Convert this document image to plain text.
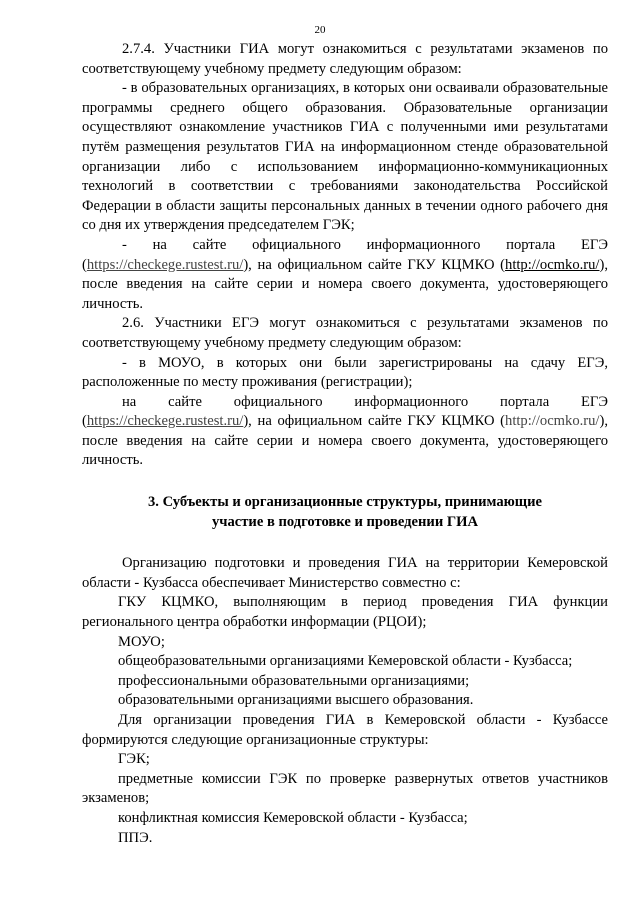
20

2.7.4. Участники ГИА могут ознакомиться с результатами экзаменов по соответствующему учебному предмету следующим образом:

- в образовательных организациях, в которых они осваивали образовательные программы среднего общего образования. Образовательные организации осуществляют ознакомление участников ГИА с полученными ими результатами путём размещения результатов ГИА на информационном стенде образовательной организации либо с использованием информационно-коммуникационных технологий в соответствии с требованиями законодательства Российской Федерации в области защиты персональных данных в течении одного рабочего дня со дня их утверждения председателем ГЭК;

- на сайте официального информационного портала ЕГЭ (https://checkege.rustest.ru/), на официальном сайте ГКУ КЦМКО (http://ocmko.ru/), после введения на сайте серии и номера своего документа, удостоверяющего личность.

2.6. Участники ЕГЭ могут ознакомиться с результатами экзаменов по соответствующему учебному предмету следующим образом:

- в МОУО, в которых они были зарегистрированы на сдачу ЕГЭ, расположенные по месту проживания (регистрации);

на сайте официального информационного портала ЕГЭ (https://checkege.rustest.ru/), на официальном сайте ГКУ КЦМКО (http://ocmko.ru/), после введения на сайте серии и номера своего документа, удостоверяющего личность.

3. Субъекты и организационные структуры, принимающие
участие в подготовке и проведении ГИА

Организацию подготовки и проведения ГИА на территории Кемеровской области - Кузбасса обеспечивает Министерство совместно с:

ГКУ КЦМКО, выполняющим в период проведения ГИА функции регионального центра обработки информации (РЦОИ);

МОУО;

общеобразовательными организациями Кемеровской области - Кузбасса;

профессиональными образовательными организациями;

образовательными организациями высшего образования.

Для организации проведения ГИА в Кемеровской области - Кузбассе формируются следующие организационные структуры:

ГЭК;

предметные комиссии ГЭК по проверке развернутых ответов участников экзаменов;

конфликтная комиссия Кемеровской области - Кузбасса;

ППЭ.
